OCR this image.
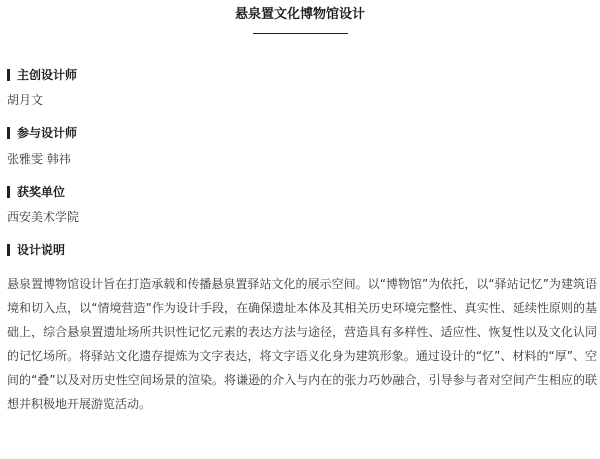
悬泉置文化博物馆设计
主创设计师
胡月文
参与设计师
张雅雯 韩祎
获奖单位
西安美术学院
设计说明

悬泉置博物馆设计旨在打造承载和传播悬泉置驿站文化的展示空间。以“博物馆”为依托，以“驿站记忆”为建筑语境和切入点，以“情境营造”作为设计手段，在确保遗址本体及其相关历史环境完整性、真实性、延续性原则的基础上，综合悬泉置遗址场所共识性记忆元素的表达方法与途径，营造具有多样性、适应性、恢复性以及文化认同的记忆场所。将驿站文化遗存提炼为文字表达，将文字语义化身为建筑形象。通过设计的“忆”、材料的“厚”、空间的“叠”以及对历史性空间场景的渲染。将谦逊的介入与内在的张力巧妙融合，引导参与者对空间产生相应的联想并积极地开展游览活动。
